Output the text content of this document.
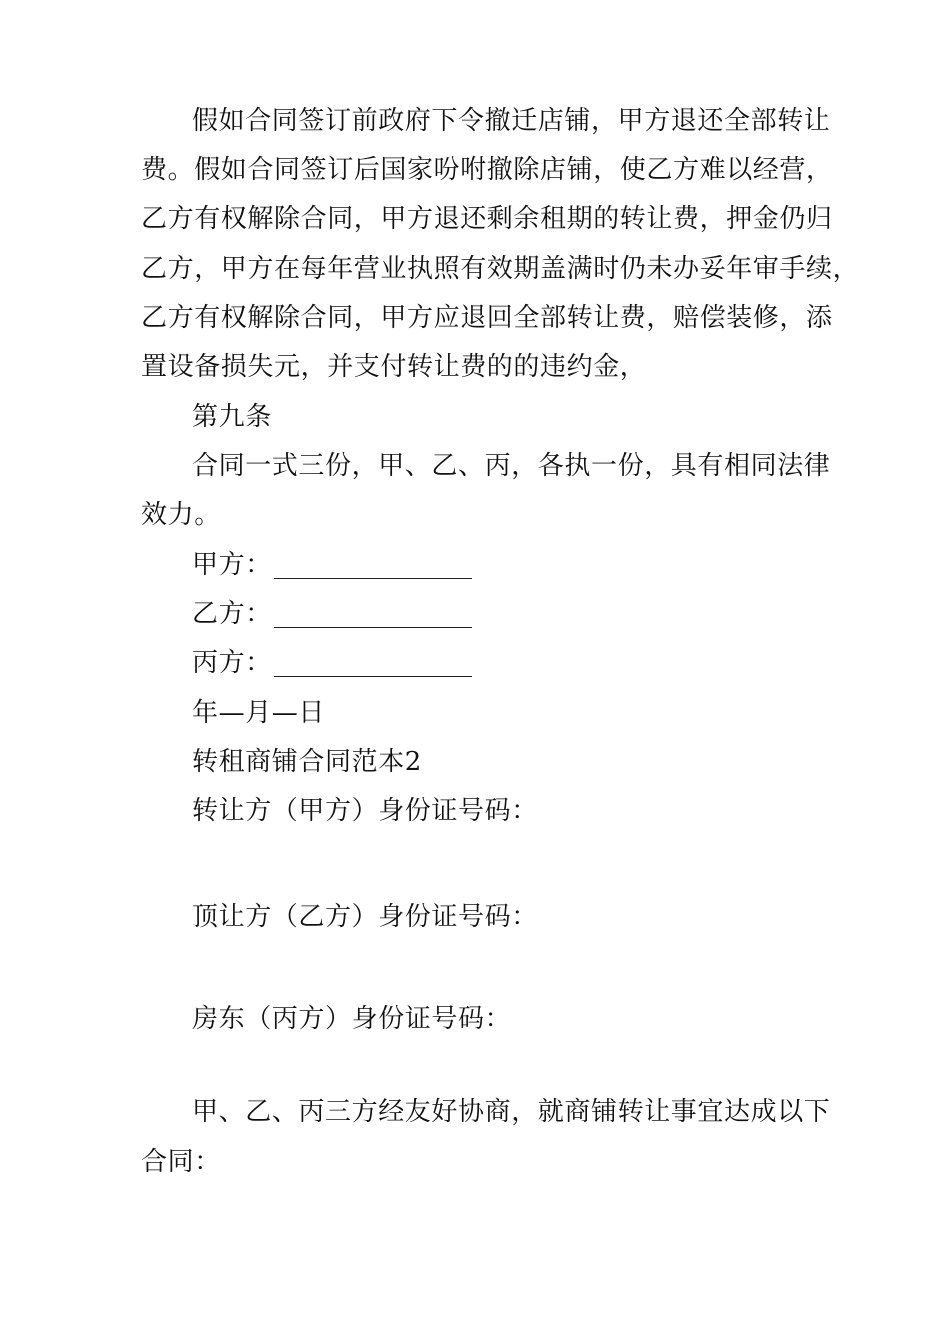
假如合同签订前政府下令撤迁店铺，甲方退还全部转让
费。假如合同签订后国家吩咐撤除店铺，使乙方难以经营，
乙方有权解除合同，甲方退还剩余租期的转让费，押金仍归
乙方，甲方在每年营业执照有效期盖满时仍未办妥年审手续，
乙方有权解除合同，甲方应退回全部转让费，赔偿装修，添
置设备损失元，并支付转让费的的违约金，
第九条
合同一式三份，甲、乙、丙，各执一份，具有相同法律
效力。
甲方：
乙方：
丙方：
年—月—日
转租商铺合同范本2
转让方（甲方）身份证号码：
顶让方（乙方）身份证号码：
房东（丙方）身份证号码：
甲、乙、丙三方经友好协商，就商铺转让事宜达成以下
合同：
